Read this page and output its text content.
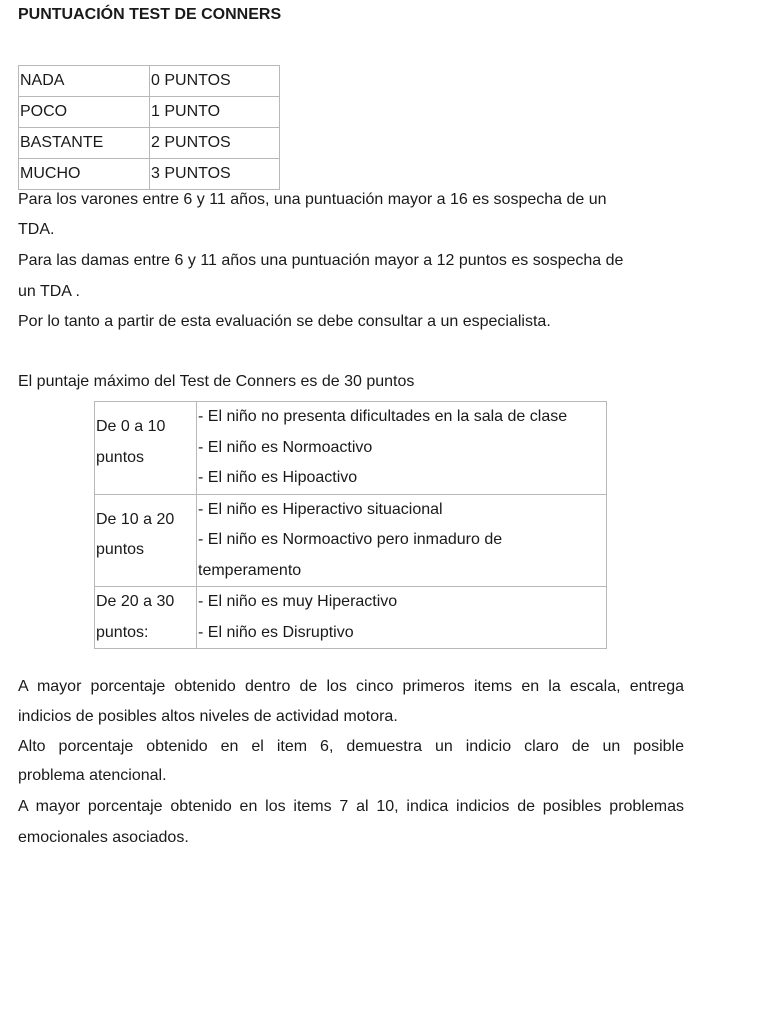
PUNTUACIÓN TEST DE CONNERS
NADA	0 PUNTOS
POCO	1 PUNTO
BASTANTE	2 PUNTOS
MUCHO	3 PUNTOS

Para los varones entre 6 y 11 años, una puntuación mayor a 16 es sospecha de un

TDA.

Para las damas entre 6 y 11 años una puntuación mayor a 12 puntos es sospecha de

un TDA .

Por lo tanto a partir de esta evaluación se debe consultar a un especialista.

El puntaje máximo del Test de Conners es de 30 puntos

De 0 a 10
puntos	- El niño no presenta dificultades en la sala de clase
- El niño es Normoactivo
- El niño es Hipoactivo

De 10 a 20
puntos	- El niño es Hiperactivo situacional
- El niño es Normoactivo pero inmaduro de
temperamento

De 20 a 30
puntos:	- El niño es muy Hiperactivo
- El niño es Disruptivo

A mayor porcentaje obtenido dentro de los cinco primeros items en la escala, entrega

indicios de posibles altos niveles de actividad motora.

Alto porcentaje obtenido en el item 6, demuestra un indicio claro de un posible

problema atencional.

A mayor porcentaje obtenido en los items 7 al 10, indica indicios de posibles problemas

emocionales asociados.
